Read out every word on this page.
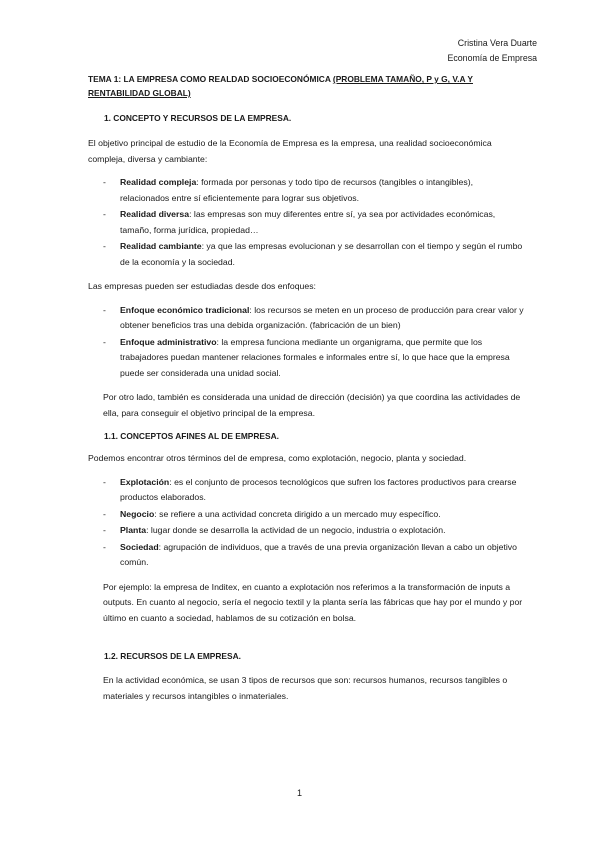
Cristina Vera Duarte
Economía de Empresa
TEMA 1: LA EMPRESA COMO REALDAD SOCIOECONÓMICA (PROBLEMA TAMAÑO, P y G, V.A Y RENTABILIDAD GLOBAL)
1. CONCEPTO Y RECURSOS DE LA EMPRESA.

El objetivo principal de estudio de la Economía de Empresa es la empresa, una realidad socioeconómica compleja, diversa y cambiante:

- Realidad compleja: formada por personas y todo tipo de recursos (tangibles o intangibles), relacionados entre sí eficientemente para lograr sus objetivos.
- Realidad diversa: las empresas son muy diferentes entre sí, ya sea por actividades económicas, tamaño, forma jurídica, propiedad…
- Realidad cambiante: ya que las empresas evolucionan y se desarrollan con el tiempo y según el rumbo de la economía y la sociedad.

Las empresas pueden ser estudiadas desde dos enfoques:

- Enfoque económico tradicional: los recursos se meten en un proceso de producción para crear valor y obtener beneficios tras una debida organización. (fabricación de un bien)
- Enfoque administrativo: la empresa funciona mediante un organigrama, que permite que los trabajadores puedan mantener relaciones formales e informales entre sí, lo que hace que la empresa puede ser considerada una unidad social.

Por otro lado, también es considerada una unidad de dirección (decisión) ya que coordina las actividades de ella, para conseguir el objetivo principal de la empresa.

1.1. CONCEPTOS AFINES AL DE EMPRESA.

Podemos encontrar otros términos del de empresa, como explotación, negocio, planta y sociedad.

- Explotación: es el conjunto de procesos tecnológicos que sufren los factores productivos para crearse productos elaborados.
- Negocio: se refiere a una actividad concreta dirigido a un mercado muy específico.
- Planta: lugar donde se desarrolla la actividad de un negocio, industria o explotación.
- Sociedad: agrupación de individuos, que a través de una previa organización llevan a cabo un objetivo común.

Por ejemplo: la empresa de Inditex, en cuanto a explotación nos referimos a la transformación de inputs a outputs. En cuanto al negocio, sería el negocio textil y la planta sería las fábricas que hay por el mundo y por último en cuanto a sociedad, hablamos de su cotización en bolsa.

1.2. RECURSOS DE LA EMPRESA.

En la actividad económica, se usan 3 tipos de recursos que son: recursos humanos, recursos tangibles o materiales y recursos intangibles o inmateriales.

1
